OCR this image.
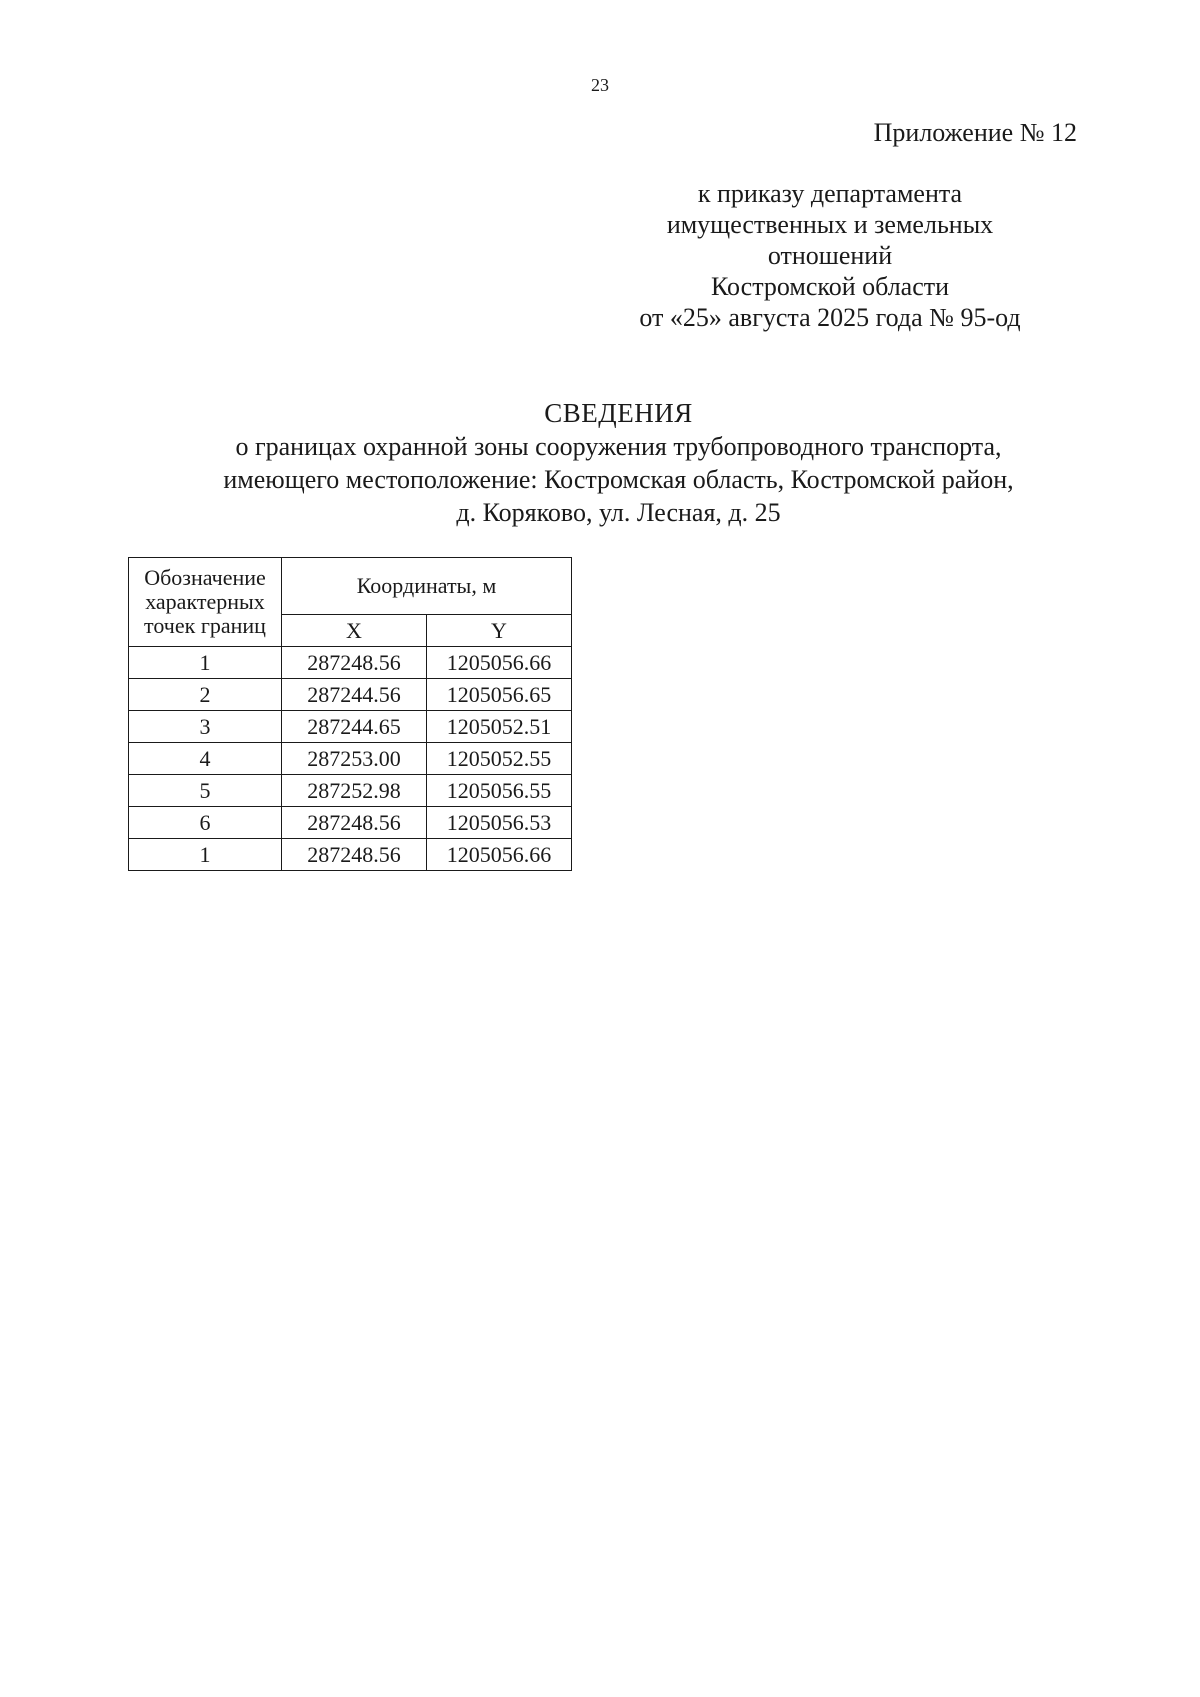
23
Приложение № 12
к приказу департамента
имущественных и земельных
отношений
Костромской области
от «25» августа 2025 года № 95-од
СВЕДЕНИЯ
о границах охранной зоны сооружения трубопроводного транспорта,
имеющего местоположение: Костромская область, Костромской район,
д. Коряково, ул. Лесная, д. 25
Обозначение
характерных
точек границ	Координаты, м	
	X	Y
1	287248.56	1205056.66
2	287244.56	1205056.65
3	287244.65	1205052.51
4	287253.00	1205052.55
5	287252.98	1205056.55
6	287248.56	1205056.53
1	287248.56	1205056.66
